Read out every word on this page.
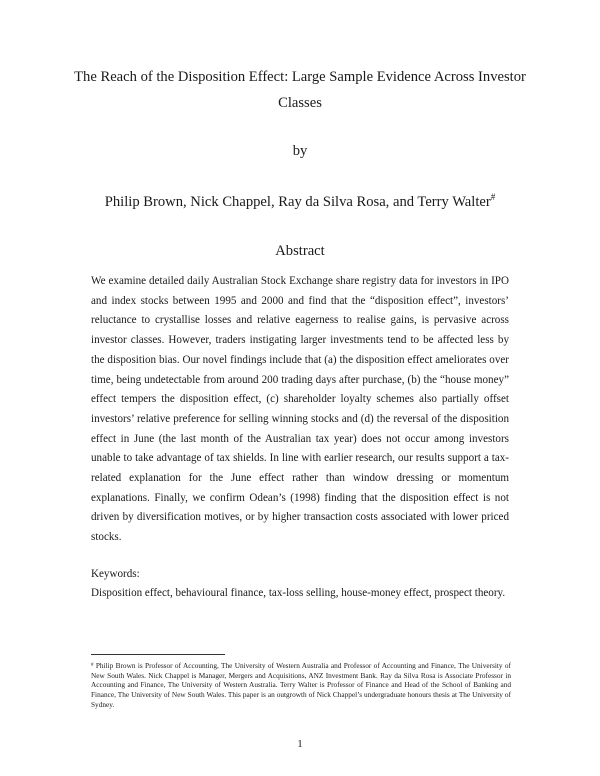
The Reach of the Disposition Effect: Large Sample Evidence Across Investor Classes
by
Philip Brown, Nick Chappel, Ray da Silva Rosa, and Terry Walter#
Abstract

We examine detailed daily Australian Stock Exchange share registry data for investors in IPO and index stocks between 1995 and 2000 and find that the “disposition effect”, investors’ reluctance to crystallise losses and relative eagerness to realise gains, is pervasive across investor classes. However, traders instigating larger investments tend to be affected less by the disposition bias. Our novel findings include that (a) the disposition effect ameliorates over time, being undetectable from around 200 trading days after purchase, (b) the “house money” effect tempers the disposition effect, (c) shareholder loyalty schemes also partially offset investors’ relative preference for selling winning stocks and (d) the reversal of the disposition effect in June (the last month of the Australian tax year) does not occur among investors unable to take advantage of tax shields. In line with earlier research, our results support a tax-related explanation for the June effect rather than window dressing or momentum explanations. Finally, we confirm Odean’s (1998) finding that the disposition effect is not driven by diversification motives, or by higher transaction costs associated with lower priced stocks.

Keywords:
Disposition effect, behavioural finance, tax-loss selling, house-money effect, prospect theory.

# Philip Brown is Professor of Accounting, The University of Western Australia and Professor of Accounting and Finance, The University of New South Wales. Nick Chappel is Manager, Mergers and Acquisitions, ANZ Investment Bank. Ray da Silva Rosa is Associate Professor in Accounting and Finance, The University of Western Australia. Terry Walter is Professor of Finance and Head of the School of Banking and Finance, The University of New South Wales. This paper is an outgrowth of Nick Chappel’s undergraduate honours thesis at The University of Sydney.

1
